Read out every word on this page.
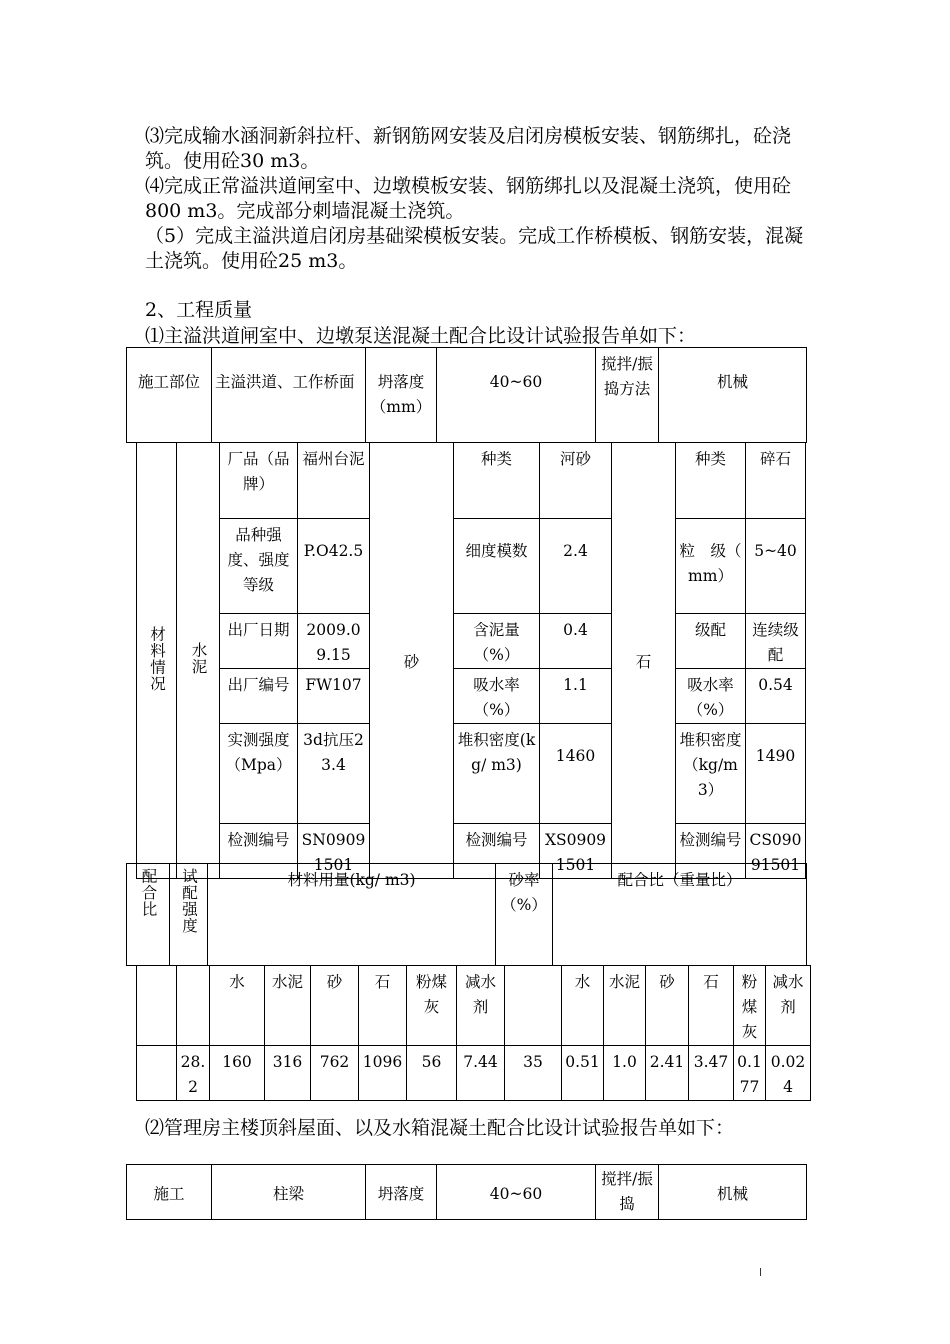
⑶完成输水涵洞新斜拉杆、新钢筋网安装及启闭房模板安装、钢筋绑扎，砼浇筑。使用砼30 m3。

⑷完成正常溢洪道闸室中、边墩模板安装、钢筋绑扎以及混凝土浇筑，使用砼800 m3。完成部分刺墙混凝土浇筑。

（5）完成主溢洪道启闭房基础梁模板安装。完成工作桥模板、钢筋安装，混凝土浇筑。使用砼25 m3。

2、工程质量

⑴主溢洪道闸室中、边墩泵送混凝土配合比设计试验报告单如下：

施工部位	主溢洪道、工作桥面	坍落度（mm）	40~60	搅拌/振捣方法	机械
材料情况	水泥	厂品（品牌）	福州台泥	砂	种类	河砂	石	种类	碎石
		品种强度、强度等级	P.O42.5		细度模数	2.4		粒　级（　mm）	5~40
		出厂日期	2009.09.15		含泥量（%）	0.4		级配	连续级配
		出厂编号	FW107		吸水率（%）	1.1		吸水率（%）	0.54
		实测强度（Mpa）	3d抗压23.4		堆积密度(kg/ m3)	1460		堆积密度（kg/m3）	1490
		检测编号	SN09091501		检测编号	XS09091501		检测编号	CS09091501
配合比	试配强度	材料用量(kg/ m3)	砂率（%）	配合比（重量比）
		水	水泥	砂	石	粉煤灰	减水剂		水	水泥	砂	石	粉煤灰	减水剂
	28.2	160	316	762	1096	56	7.44	35	0.51	1.0	2.41	3.47	0.177	0.024

⑵管理房主楼顶斜屋面、以及水箱混凝土配合比设计试验报告单如下：

施工	柱梁	坍落度	40~60	搅拌/振捣	机械
